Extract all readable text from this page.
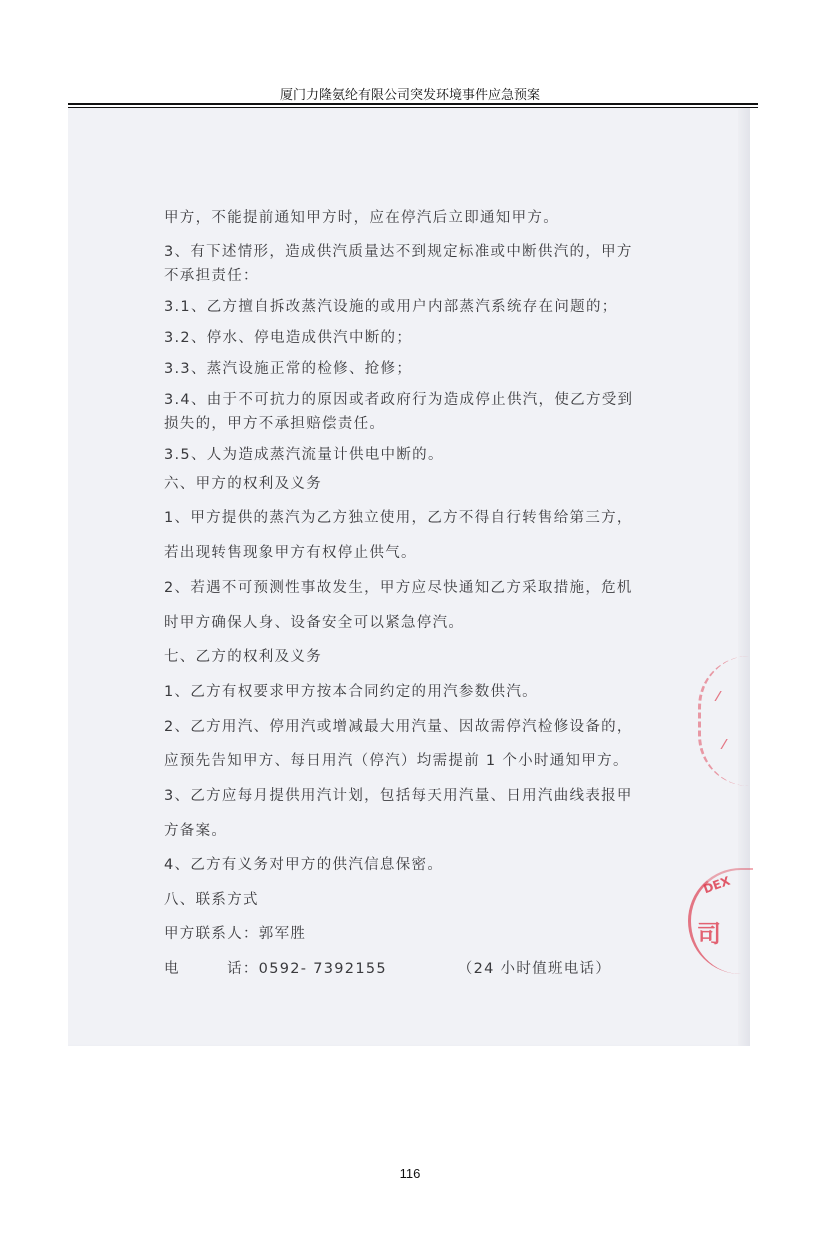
厦门力隆氨纶有限公司突发环境事件应急预案
甲方，不能提前通知甲方时，应在停汽后立即通知甲方。
3、有下述情形，造成供汽质量达不到规定标准或中断供汽的，甲方
不承担责任：
3.1、乙方擅自拆改蒸汽设施的或用户内部蒸汽系统存在问题的；
3.2、停水、停电造成供汽中断的；
3.3、蒸汽设施正常的检修、抢修；
3.4、由于不可抗力的原因或者政府行为造成停止供汽，使乙方受到
损失的，甲方不承担赔偿责任。
3.5、人为造成蒸汽流量计供电中断的。
六、甲方的权利及义务
1、甲方提供的蒸汽为乙方独立使用，乙方不得自行转售给第三方，
若出现转售现象甲方有权停止供气。
2、若遇不可预测性事故发生，甲方应尽快通知乙方采取措施，危机
时甲方确保人身、设备安全可以紧急停汽。
七、乙方的权利及义务
1、乙方有权要求甲方按本合同约定的用汽参数供汽。
2、乙方用汽、停用汽或增减最大用汽量、因故需停汽检修设备的，
应预先告知甲方、每日用汽（停汽）均需提前 1 个小时通知甲方。
3、乙方应每月提供用汽计划，包括每天用汽量、日用汽曲线表报甲
方备案。
4、乙方有义务对甲方的供汽信息保密。
八、联系方式
甲方联系人：郭军胜
电        话：0592- 7392155            （24 小时值班电话）
⁄
⁄
DEX
司
116
